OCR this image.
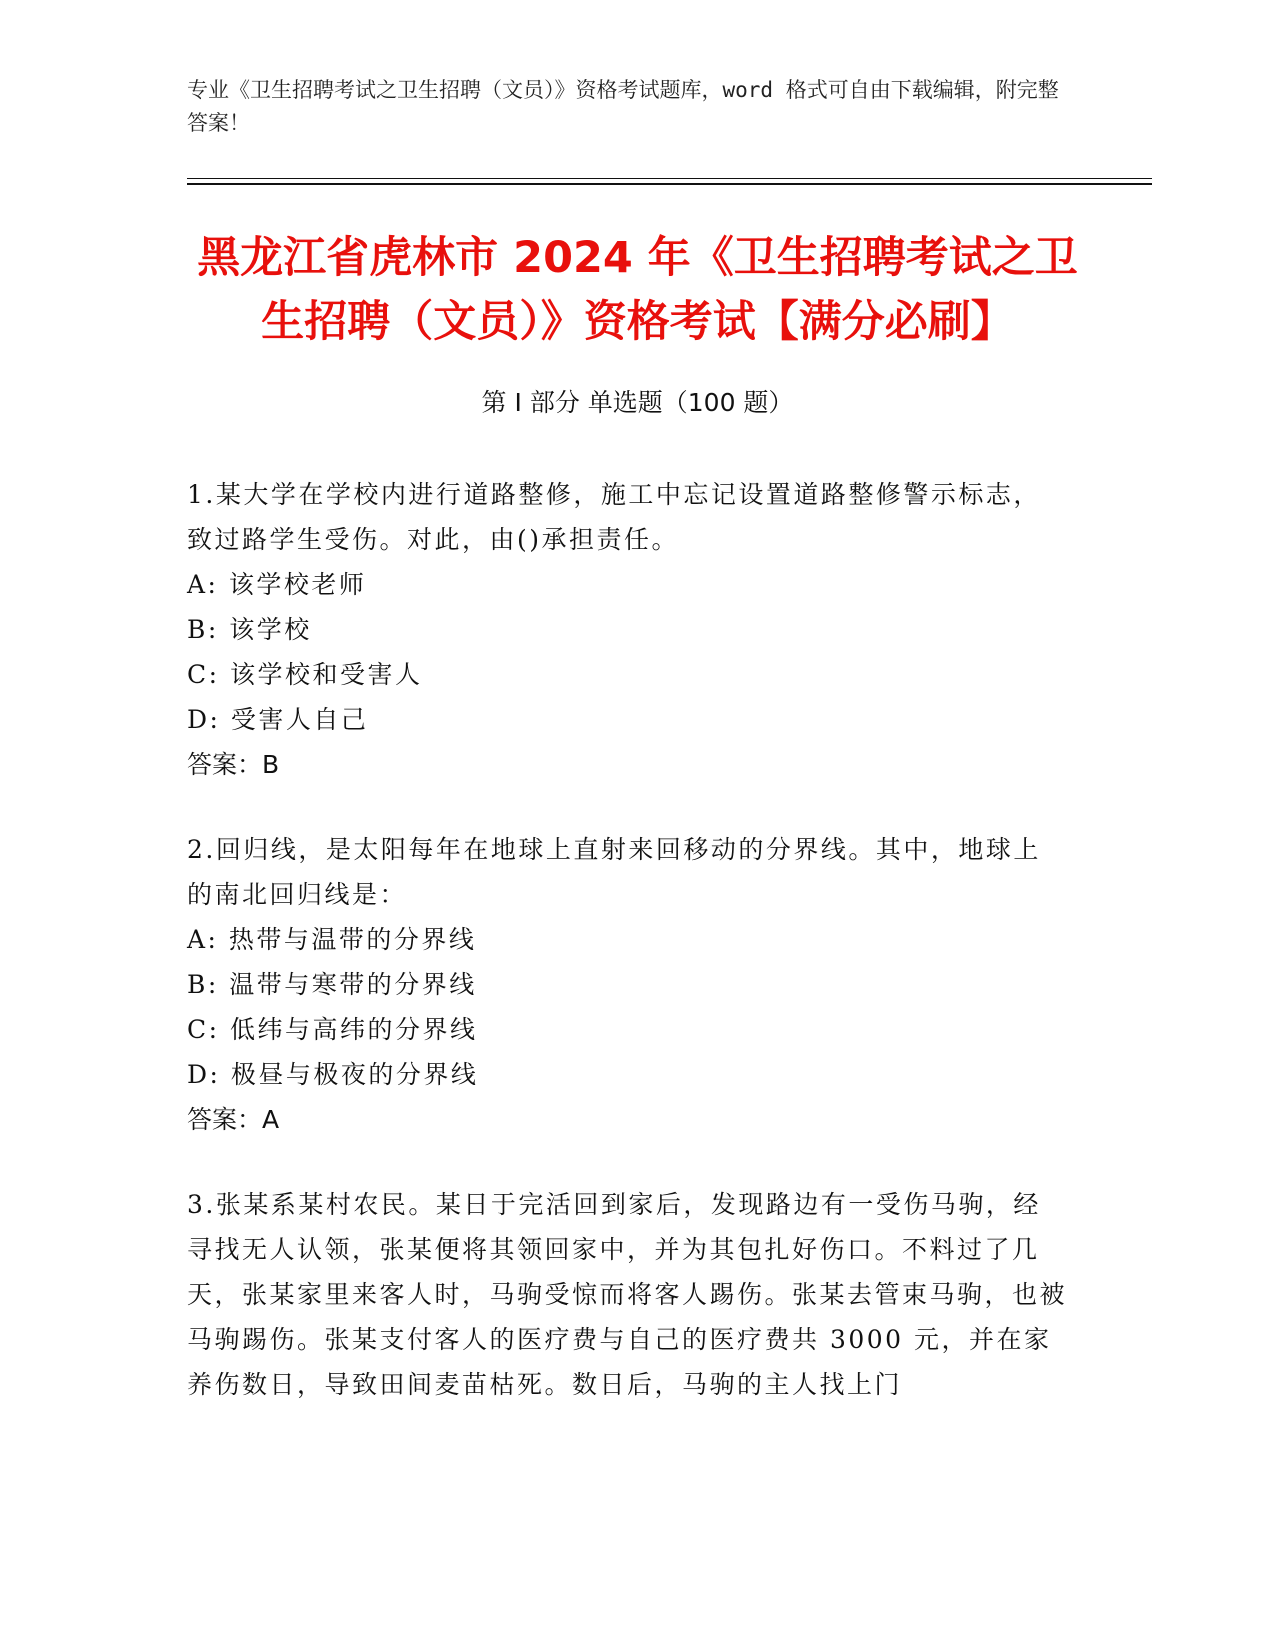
专业《卫生招聘考试之卫生招聘（文员）》资格考试题库，word 格式可自由下载编辑，附完整答案！
黑龙江省虎林市 2024 年《卫生招聘考试之卫
生招聘（文员）》资格考试【满分必刷】
第 I 部分 单选题（100 题）
1.某大学在学校内进行道路整修，施工中忘记设置道路整修警示标志，致过路学生受伤。对此，由()承担责任。
A: 该学校老师
B: 该学校
C: 该学校和受害人
D: 受害人自己
答案：B
2.回归线，是太阳每年在地球上直射来回移动的分界线。其中，地球上的南北回归线是：
A: 热带与温带的分界线
B: 温带与寒带的分界线
C: 低纬与高纬的分界线
D: 极昼与极夜的分界线
答案：A
3.张某系某村农民。某日于完活回到家后，发现路边有一受伤马驹，经寻找无人认领，张某便将其领回家中，并为其包扎好伤口。不料过了几天，张某家里来客人时，马驹受惊而将客人踢伤。张某去管束马驹，也被马驹踢伤。张某支付客人的医疗费与自己的医疗费共 3000 元，并在家养伤数日，导致田间麦苗枯死。数日后，马驹的主人找上门
